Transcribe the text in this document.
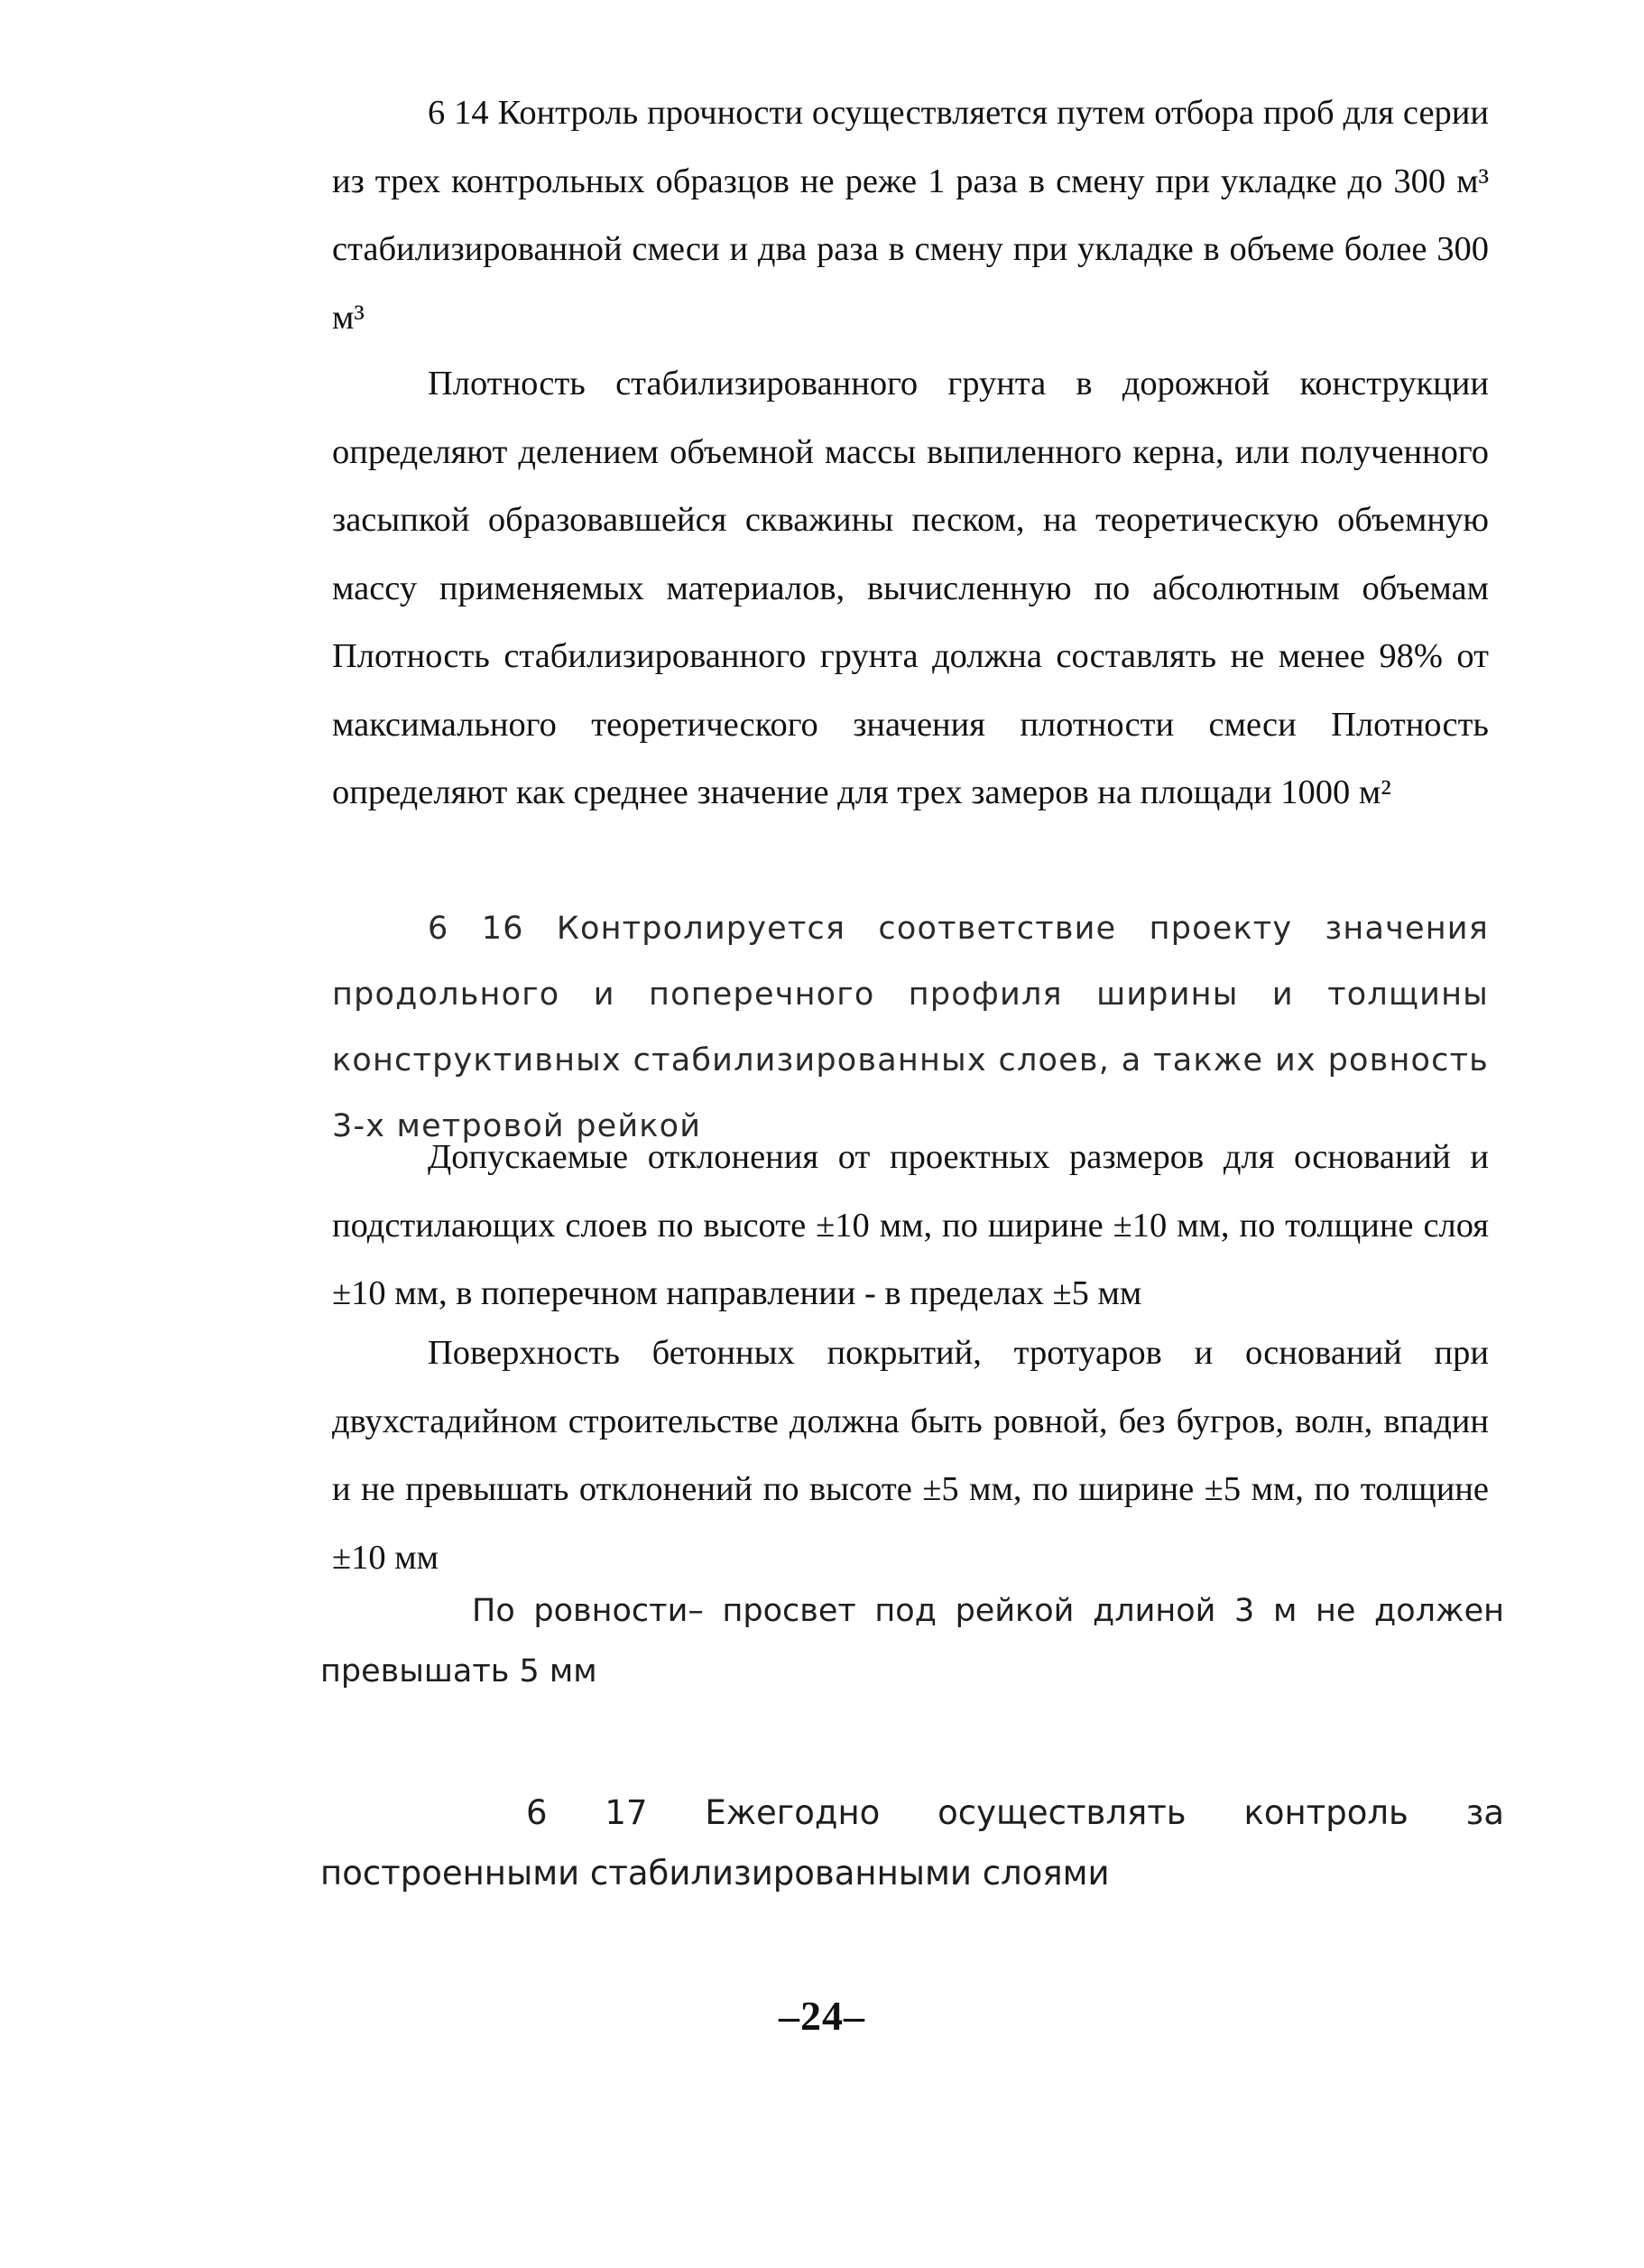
6 14 Контроль прочности осуществляется путем отбора проб для серии из трех контрольных образцов не реже 1 раза в смену при укладке до 300 м³ стабилизированной смеси и два раза в смену при укладке в объеме более 300 м³

Плотность стабилизированного грунта в дорожной конструкции определяют делением объемной массы выпиленного керна, или полученного засыпкой образовавшейся скважины песком, на теоретическую объемную массу применяемых материалов, вычисленную по абсолютным объемам Плотность стабилизированного грунта должна составлять не менее 98% от максимального теоретического значения плотности смеси Плотность определяют как среднее значение для трех замеров на площади 1000 м²

6 16 Контролируется соответствие проекту значения продольного и поперечного профиля ширины и толщины конструктивных стабилизированных слоев, а также их ровность 3-х метровой рейкой

Допускаемые отклонения от проектных размеров для оснований и подстилающих слоев по высоте ±10 мм, по ширине ±10 мм, по толщине слоя ±10 мм, в поперечном направлении - в пределах ±5 мм

Поверхность бетонных покрытий, тротуаров и оснований при двухстадийном строительстве должна быть ровной, без бугров, волн, впадин и не превышать отклонений по высоте ±5 мм, по ширине ±5 мм, по толщине ±10 мм

По ровности– просвет под рейкой длиной 3 м не должен превышать 5 мм

6 17 Ежегодно осуществлять контроль за построенными стабилизированными слоями

–24–
